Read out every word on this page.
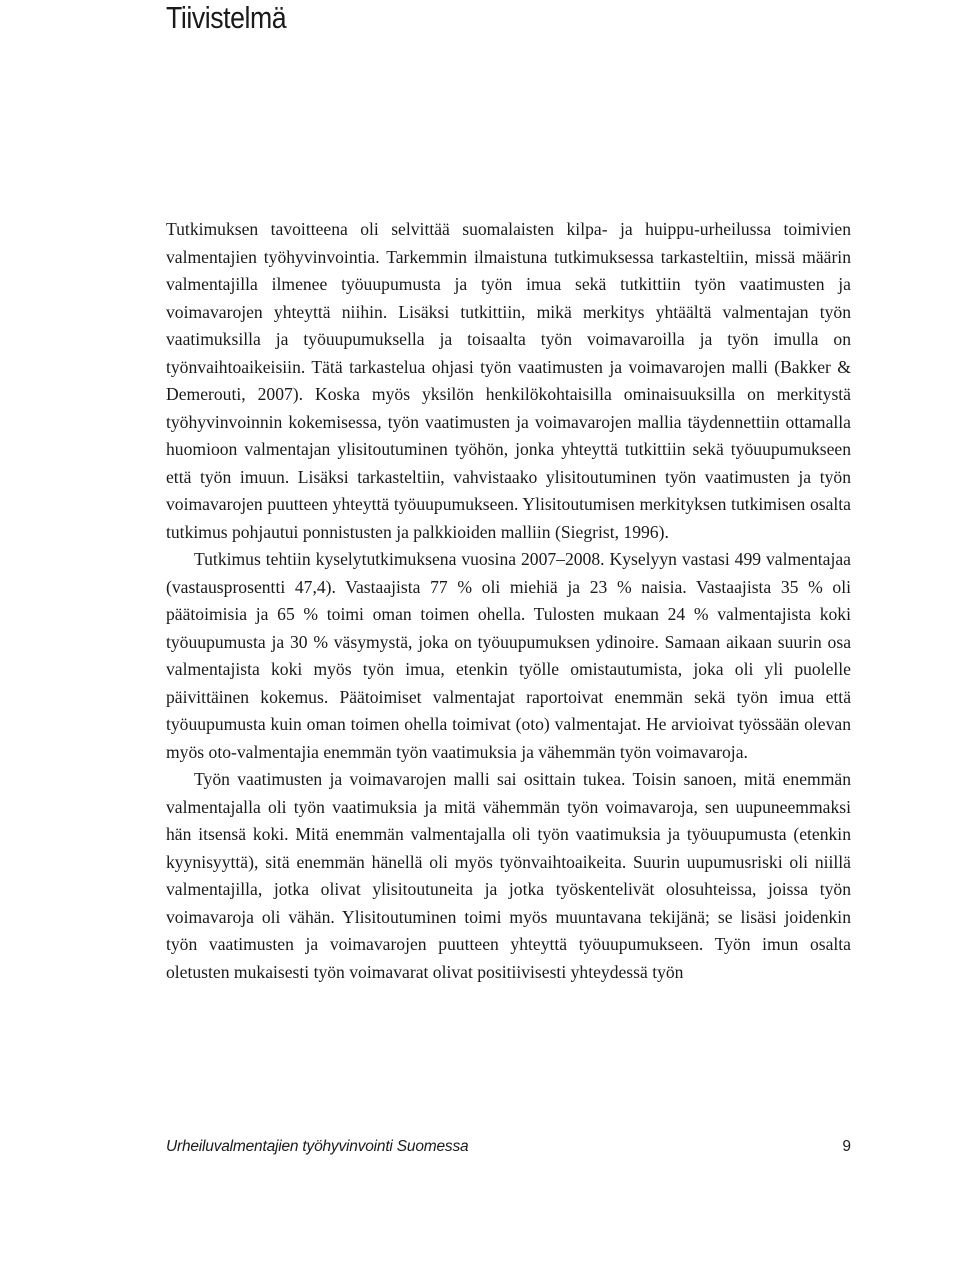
Tiivistelmä

Tutkimuksen tavoitteena oli selvittää suomalaisten kilpa- ja huippu-urheilussa toimivien valmentajien työhyvinvointia. Tarkemmin ilmaistuna tutkimuksessa tarkasteltiin, missä määrin valmentajilla ilmenee työuupumusta ja työn imua sekä tutkittiin työn vaatimusten ja voimavarojen yhteyttä niihin. Lisäksi tutkittiin, mikä merkitys yhtäältä valmentajan työn vaatimuksilla ja työuupumuksella ja toisaalta työn voimavaroilla ja työn imulla on työnvaihtoaikeisiin. Tätä tarkastelua ohjasi työn vaatimusten ja voimavarojen malli (Bakker & Demerouti, 2007). Koska myös yksilön henkilökohtaisilla ominaisuuksilla on merkitystä työhyvinvoinnin kokemisessa, työn vaatimusten ja voimavarojen mallia täydennettiin ottamalla huomioon valmentajan ylisitoutuminen työhön, jonka yhteyttä tutkittiin sekä työuupumukseen että työn imuun. Lisäksi tarkasteltiin, vahvistaako ylisitoutuminen työn vaatimusten ja työn voimavarojen puutteen yhteyttä työuupumukseen. Ylisitoutumisen merkityksen tutkimisen osalta tutkimus pohjautui ponnistusten ja palkkioiden malliin (Siegrist, 1996).

Tutkimus tehtiin kyselytutkimuksena vuosina 2007–2008. Kyselyyn vastasi 499 valmentajaa (vastausprosentti 47,4). Vastaajista 77 % oli miehiä ja 23 % naisia. Vastaajista 35 % oli päätoimisia ja 65 % toimi oman toimen ohella. Tulosten mukaan 24 % valmentajista koki työuupumusta ja 30 % väsymystä, joka on työuupumuksen ydinoire. Samaan aikaan suurin osa valmentajista koki myös työn imua, etenkin työlle omistautumista, joka oli yli puolelle päivittäinen kokemus. Päätoimiset valmentajat raportoivat enemmän sekä työn imua että työuupumusta kuin oman toimen ohella toimivat (oto) valmentajat. He arvioivat työssään olevan myös oto-valmentajia enemmän työn vaatimuksia ja vähemmän työn voimavaroja.

Työn vaatimusten ja voimavarojen malli sai osittain tukea. Toisin sanoen, mitä enemmän valmentajalla oli työn vaatimuksia ja mitä vähemmän työn voimavaroja, sen uupuneemmaksi hän itsensä koki. Mitä enemmän valmentajalla oli työn vaatimuksia ja työuupumusta (etenkin kyynisyyttä), sitä enemmän hänellä oli myös työnvaihtoaikeita. Suurin uupumusriski oli niillä valmentajilla, jotka olivat ylisitoutuneita ja jotka työskentelivät olosuhteissa, joissa työn voimavaroja oli vähän. Ylisitoutuminen toimi myös muuntavana tekijänä; se lisäsi joidenkin työn vaatimusten ja voimavarojen puutteen yhteyttä työuupumukseen. Työn imun osalta oletusten mukaisesti työn voimavarat olivat positiivisesti yhteydessä työn

Urheiluvalmentajien työhyvinvointi Suomessa	9
